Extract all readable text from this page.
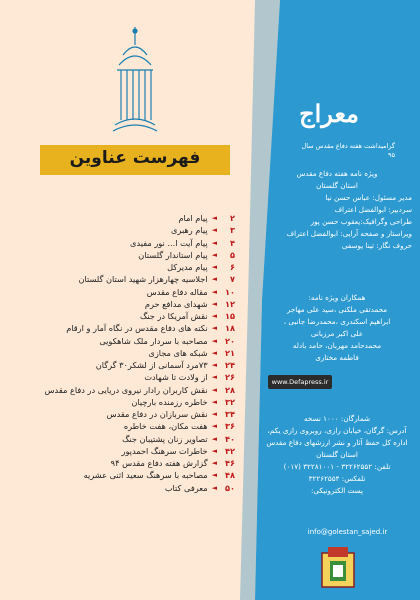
فهرست عناوین
۲
◄
پیام امام
۳
◄
پیام رهبری
۴
◄
پیام آیت ا... نور مفیدی
۵
◄
پیام استاندار گلستان
۶
◄
پیام مدیرکل
۷
◄
اجلاسیه چهارهزار شهید استان گلستان
۱۰
◄
مقاله دفاع مقدس
۱۲
◄
شهدای مدافع حرم
۱۵
◄
نقش آمریکا در جنگ
۱۸
◄
نکته های دفاع مقدس در نگاه آمار و ارقام
۲۰
◄
مصاحبه با سردار ملک شاهکویی
۲۱
◄
شبکه های مجازی
۲۴
◄
۷۳مرد آسمانی از لشکر۳۰ گرگان
۲۶
◄
از ولادت تا شهادت
۲۸
◄
نقش کاربران رادار نیروی دریایی در دفاع مقدس
۳۲
◄
خاطره رزمنده بارچیان
۳۴
◄
نقش سربازان در دفاع مقدس
۳۶
◄
هفت مکان، هفت خاطره
۴۰
◄
تصاویر زنان پشتیبان جنگ
۴۲
◄
خاطرات سرهنگ احمدپور
۴۶
◄
گزارش هفته دفاع مقدس ۹۴
۴۸
◄
مصاحبه با سرهنگ سعید اثنی عشریه
۵۰
◄
معرفی کتاب
معراج
گرامیداشت هفته دفاع مقدس سال ۹۵
ویژه نامه هفته دفاع مقدس
استان گلستان
مدیر مسئول: عباس حسن نیا
سردبیر: ابوالفضل اعتراف
طراحی وگرافیک:یعقوب حسن پور
ویراستار و صفحه آرایی: ابوالفضل اعتراف
حروف نگار: تینا یوسفی
همکاران ویژه نامه:
محمدتقی ملکنی ،سید علی مهاجر
ابراهیم اسکندری ،محمدرضا جانبی ،
علی اکبر مرزبانی
محمدحامد مهربان، حامد بادله
فاطمه مختاری
www.Defapress.ir
شمارگان: ۱۰۰۰ نسخه
آدرس: گرگان، خیابان رازی، روبروی رازی یکم،
اداره کل حفظ آثار و نشر ارزشهای دفاع مقدس
استان گلستان
تلفن: ۳۲۲۶۲۵۵۲ - ۳۲۲۸۱۰۰۱ (۰۱۷)
تلفکس: ۳۲۲۶۲۵۵۴
پست الکترونیکی:
info@golestan_sajed.ir
